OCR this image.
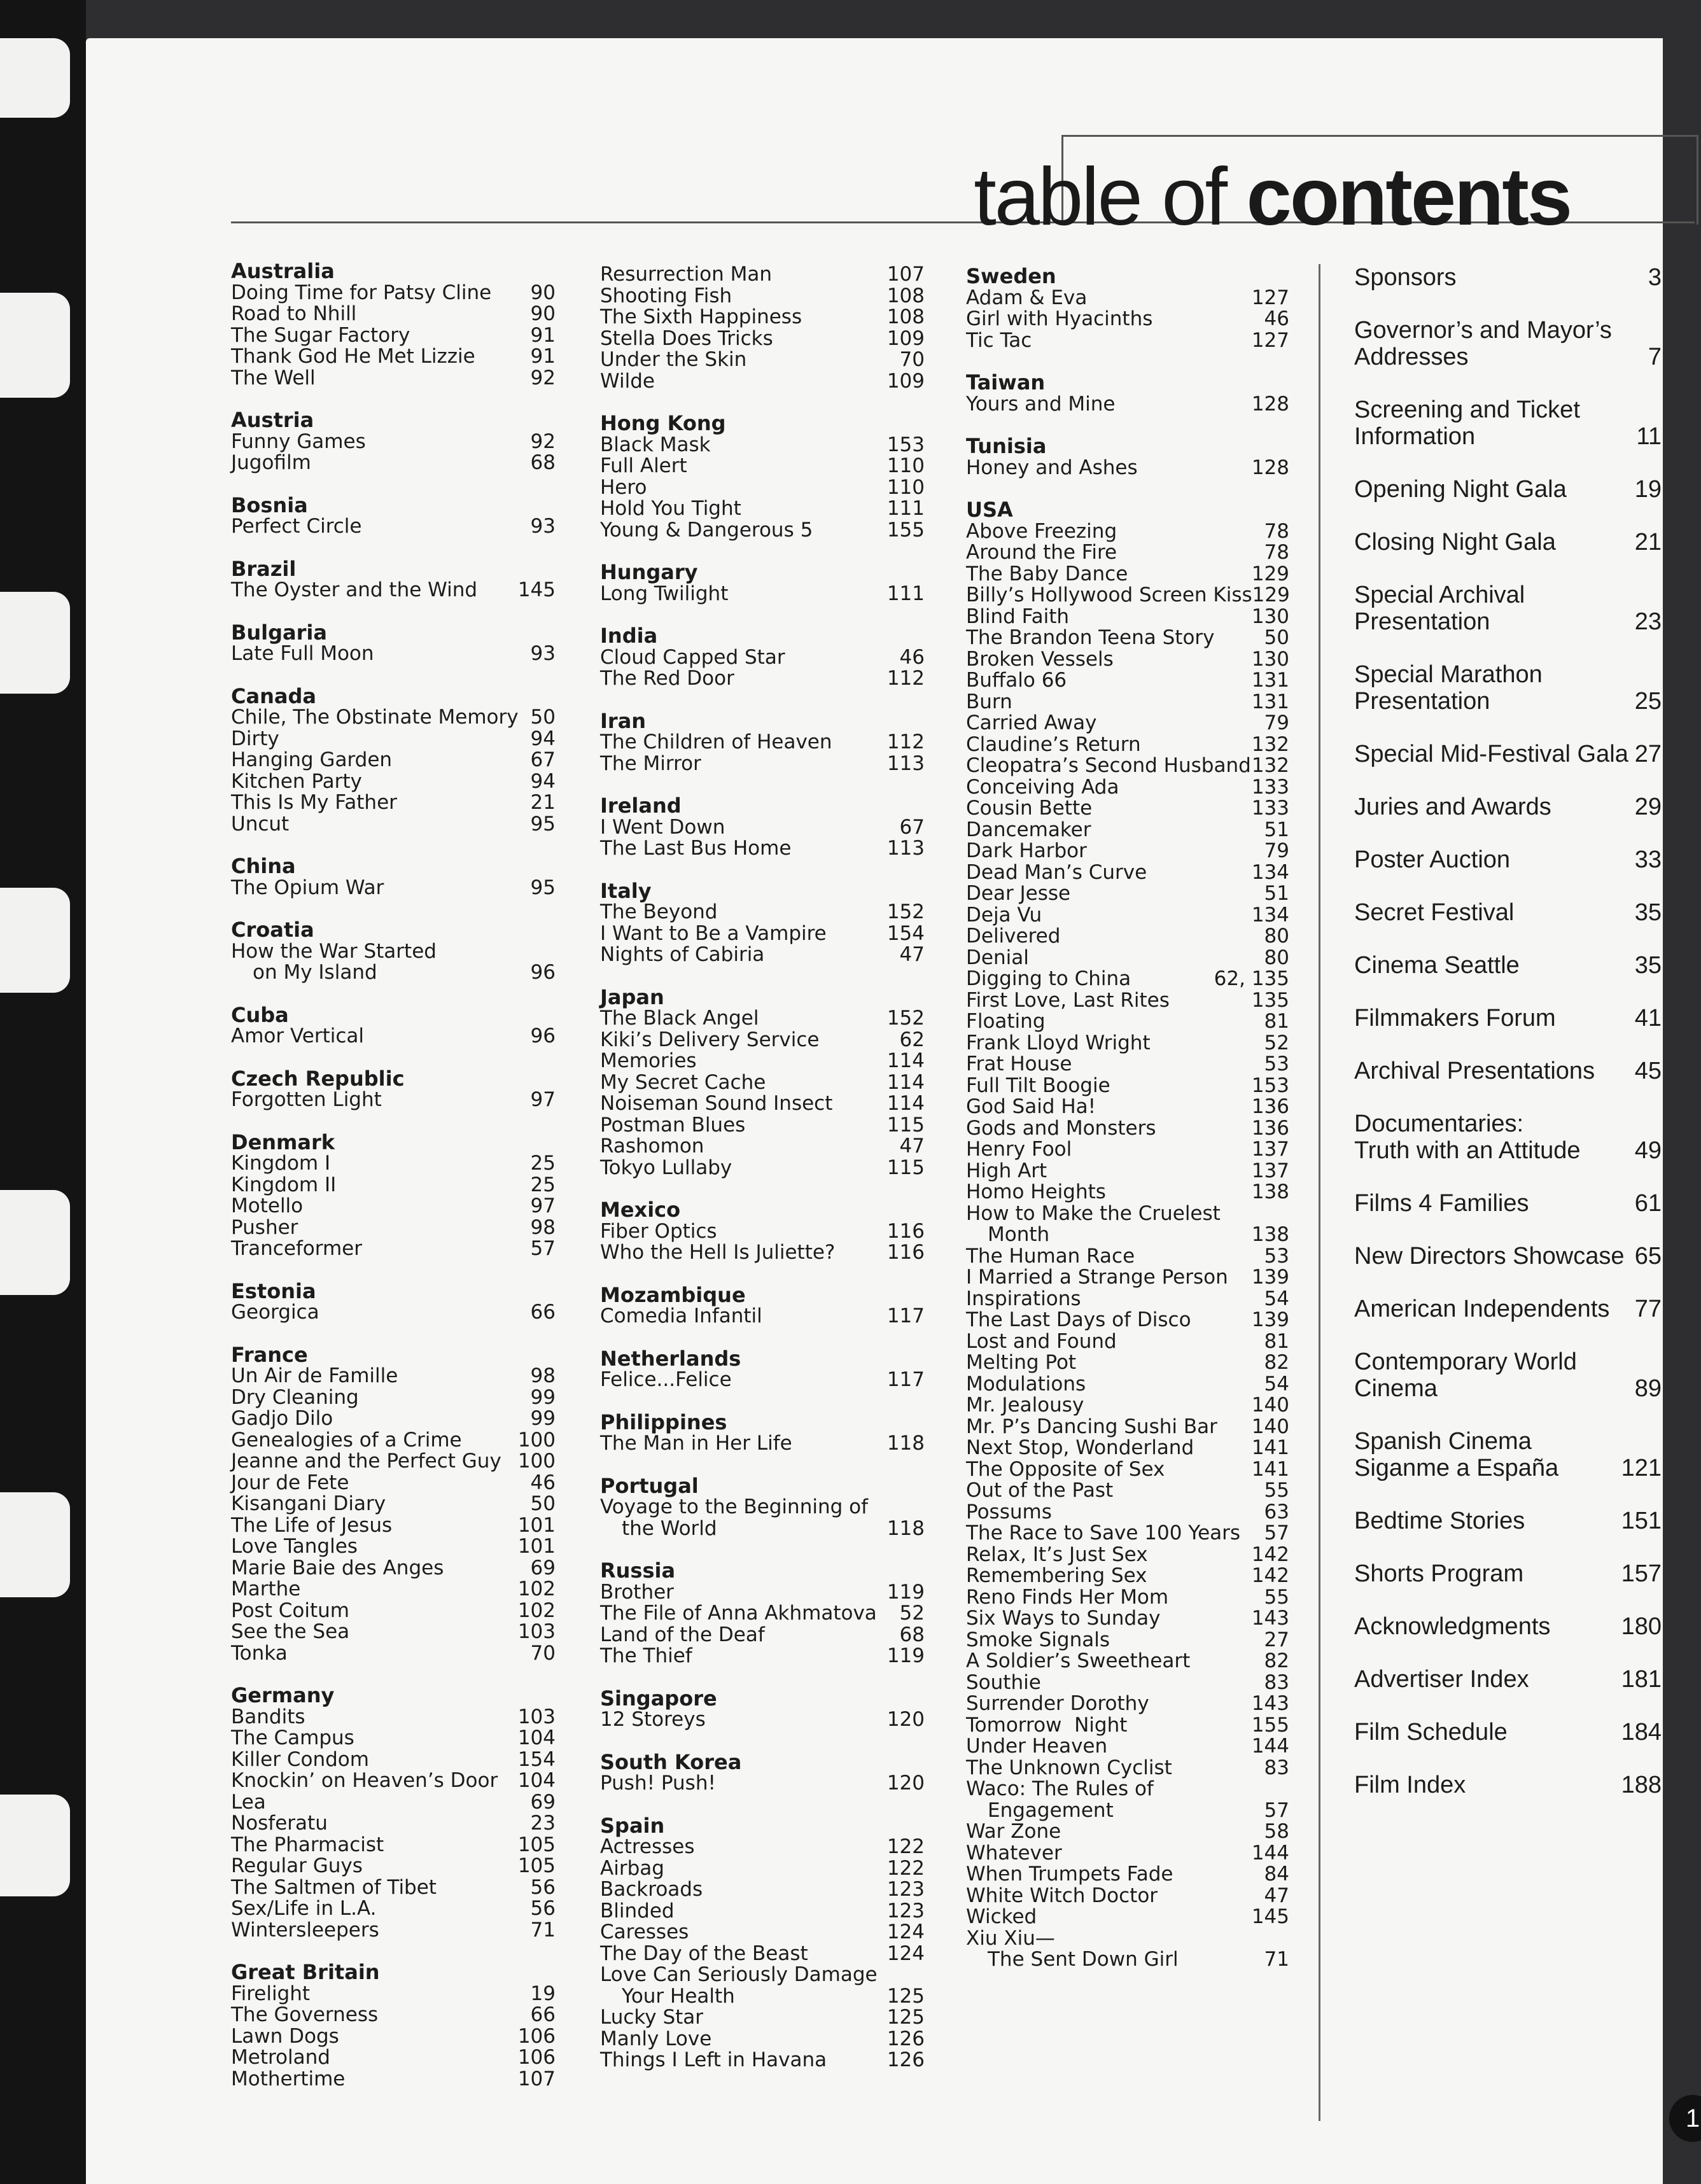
table of contents
Australia
Doing Time for Patsy Cline 90
Road to Nhill	90
The Sugar Factory	91
Thank God He Met Lizzie	91
The Well	92
Austria
Funny Games	92
Jugofilm	68
Bosnia
Perfect Circle	93
Brazil
The Oyster and the Wind 145
Bulgaria
Late Full Moon	93
Canada
Chile, The Obstinate Memory 50
Dirty	94
Hanging Garden	67
Kitchen Party	94
This Is My Father	21
Uncut	95
China
The Opium War	95
Croatia
How the War Started
on My Island	96
Cuba
Amor Vertical	96
Czech Republic
Forgotten Light	97
Denmark
Kingdom I	25
Kingdom II	25
Motello	97
Pusher	98
Tranceformer	57
Estonia
Georgica	66
France
Un Air de Famille	98
Dry Cleaning	99
Gadjo Dilo	99
Genealogies of a Crime	100
Jeanne and the Perfect Guy 100
Jour de Fete	46
Kisangani Diary	50
The Life of Jesus	101
Love Tangles	101
Marie Baie des Anges	69
Marthe	102
Post Coitum	102
See the Sea	103
Tonka	70
Germany
Bandits	103
The Campus	104
Killer Condom	154
Knockin’ on Heaven’s Door 104
Lea	69
Nosferatu	23
The Pharmacist	105
Regular Guys	105
The Saltmen of Tibet	56
Sex/Life in L.A.	56
Wintersleepers	71
Great Britain
Firelight	19
The Governess	66
Lawn Dogs	106
Metroland	106
Mothertime	107
Resurrection Man	107
Shooting Fish	108
The Sixth Happiness	108
Stella Does Tricks	109
Under the Skin	70
Wilde	109
Hong Kong
Black Mask	153
Full Alert	110
Hero	110
Hold You Tight	111
Young & Dangerous 5	155
Hungary
Long Twilight	111
India
Cloud Capped Star	46
The Red Door	112
Iran
The Children of Heaven	112
The Mirror	113
Ireland
I Went Down	67
The Last Bus Home	113
Italy
The Beyond	152
I Want to Be a Vampire	154
Nights of Cabiria	47
Japan
The Black Angel	152
Kiki’s Delivery Service	62
Memories	114
My Secret Cache	114
Noiseman Sound Insect	114
Postman Blues	115
Rashomon	47
Tokyo Lullaby	115
Mexico
Fiber Optics	116
Who the Hell Is Juliette?	116
Mozambique
Comedia Infantil	117
Netherlands
Felice...Felice	117
Philippines
The Man in Her Life	118
Portugal
Voyage to the Beginning of
the World	118
Russia
Brother	119
The File of Anna Akhmatova 52
Land of the Deaf	68
The Thief	119
Singapore
12 Storeys	120
South Korea
Push! Push!	120
Spain
Actresses	122
Airbag	122
Backroads	123
Blinded	123
Caresses	124
The Day of the Beast	124
Love Can Seriously Damage
Your Health	125
Lucky Star	125
Manly Love	126
Things I Left in Havana	126
Sweden
Adam & Eva	127
Girl with Hyacinths	46
Tic Tac	127
Taiwan
Yours and Mine	128
Tunisia
Honey and Ashes	128
USA
Above Freezing	78
Around the Fire	78
The Baby Dance	129
Billy’s Hollywood Screen Kiss 129
Blind Faith	130
The Brandon Teena Story	50
Broken Vessels	130
Buffalo 66	131
Burn	131
Carried Away	79
Claudine’s Return	132
Cleopatra’s Second Husband 132
Conceiving Ada	133
Cousin Bette	133
Dancemaker	51
Dark Harbor	79
Dead Man’s Curve	134
Dear Jesse	51
Deja Vu	134
Delivered	80
Denial	80
Digging to China	62, 135
First Love, Last Rites	135
Floating	81
Frank Lloyd Wright	52
Frat House	53
Full Tilt Boogie	153
God Said Ha!	136
Gods and Monsters	136
Henry Fool	137
High Art	137
Homo Heights	138
How to Make the Cruelest
Month	138
The Human Race	53
I Married a Strange Person 139
Inspirations	54
The Last Days of Disco	139
Lost and Found	81
Melting Pot	82
Modulations	54
Mr. Jealousy	140
Mr. P’s Dancing Sushi Bar 140
Next Stop, Wonderland	141
The Opposite of Sex	141
Out of the Past	55
Possums	63
The Race to Save 100 Years 57
Relax, It’s Just Sex	142
Remembering Sex	142
Reno Finds Her Mom	55
Six Ways to Sunday	143
Smoke Signals	27
A Soldier’s Sweetheart	82
Southie	83
Surrender Dorothy	143
Tomorrow  Night	155
Under Heaven	144
The Unknown Cyclist	83
Waco: The Rules of
Engagement	57
War Zone	58
Whatever	144
When Trumpets Fade	84
White Witch Doctor	47
Wicked	145
Xiu Xiu—
The Sent Down Girl	71
Sponsors	3
Governor’s and Mayor’s
Addresses	7
Screening and Ticket
Information	11
Opening Night Gala	19
Closing Night Gala	21
Special Archival
Presentation	23
Special Marathon
Presentation	25
Special Mid-Festival Gala 27
Juries and Awards	29
Poster Auction	33
Secret Festival	35
Cinema Seattle	35
Filmmakers Forum	41
Archival Presentations 45
Documentaries:
Truth with an Attitude 49
Films 4 Families	61
New Directors Showcase 65
American Independents 77
Contemporary World
Cinema	89
Spanish Cinema
Siganme a España	121
Bedtime Stories	151
Shorts Program	157
Acknowledgments	180
Advertiser Index	181
Film Schedule	184
Film Index	188
1
